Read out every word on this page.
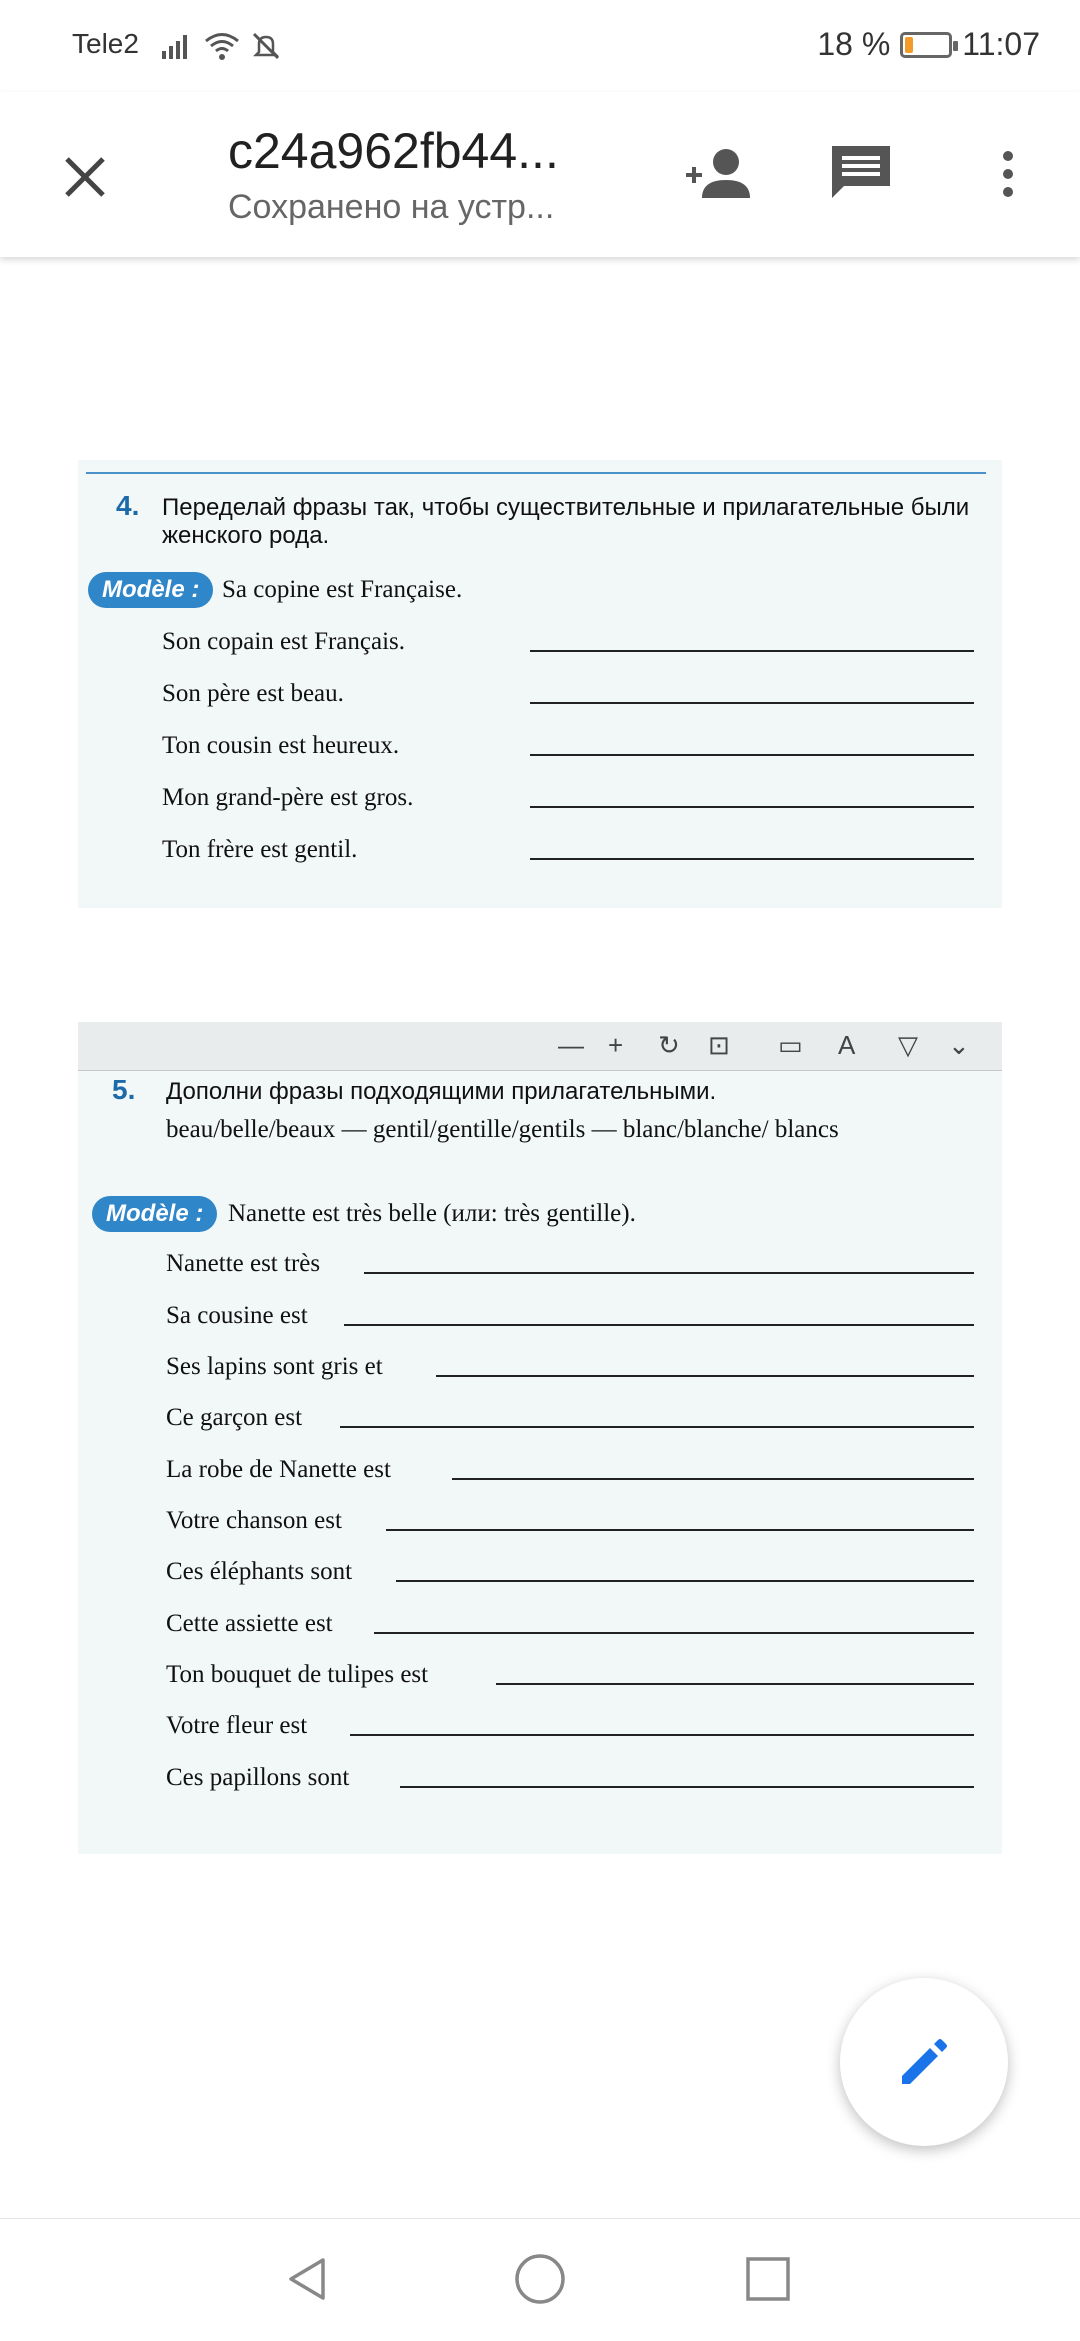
Tele2	18 % 11:07
c24a962fb44...
Сохранено на устр...
4. Переделай фразы так, чтобы существительные и прилагательные были женского рода.
Modèle : Sa copine est Française.
Son copain est Français.
Son père est beau.
Ton cousin est heureux.
Mon grand-père est gros.
Ton frère est gentil.
— + ↻ ⊡ ▭ A ▽ ⌄
5. Дополни фразы подходящими прилагательными.
beau/belle/beaux — gentil/gentille/gentils — blanc/blanche/ blancs
Modèle : Nanette est très belle (или: très gentille).
Nanette est très
Sa cousine est
Ses lapins sont gris et
Ce garçon est
La robe de Nanette est
Votre chanson est
Ces éléphants sont
Cette assiette est
Ton bouquet de tulipes est
Votre fleur est
Ces papillons sont
